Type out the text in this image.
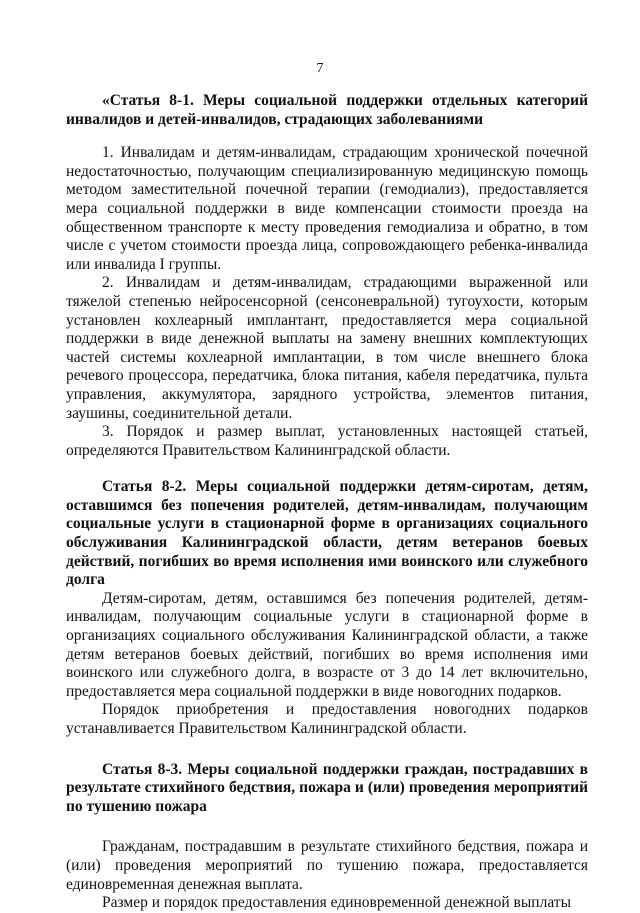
7
«Статья 8-1. Меры социальной поддержки отдельных категорий инвалидов и детей-инвалидов, страдающих заболеваниями

1. Инвалидам и детям-инвалидам, страдающим хронической почечной недостаточностью, получающим специализированную медицинскую помощь методом заместительной почечной терапии (гемодиализ), предоставляется мера социальной поддержки в виде компенсации стоимости проезда на общественном транспорте к месту проведения гемодиализа и обратно, в том числе с учетом стоимости проезда лица, сопровождающего ребенка-инвалида или инвалида I группы.

2. Инвалидам и детям-инвалидам, страдающими выраженной или тяжелой степенью нейросенсорной (сенсоневральной) тугоухости, которым установлен кохлеарный имплантант, предоставляется мера социальной поддержки в виде денежной выплаты на замену внешних комплектующих частей системы кохлеарной имплантации, в том числе внешнего блока речевого процессора, передатчика, блока питания, кабеля передатчика, пульта управления, аккумулятора, зарядного устройства, элементов питания, заушины, соединительной детали.

3. Порядок и размер выплат, установленных настоящей статьей, определяются Правительством Калининградской области.

Статья 8-2. Меры социальной поддержки детям-сиротам, детям, оставшимся без попечения родителей, детям-инвалидам, получающим социальные услуги в стационарной форме в организациях социального обслуживания Калининградской области, детям ветеранов боевых действий, погибших во время исполнения ими воинского или служебного долга

Детям-сиротам, детям, оставшимся без попечения родителей, детям-инвалидам, получающим социальные услуги в стационарной форме в организациях социального обслуживания Калининградской области, а также детям ветеранов боевых действий, погибших во время исполнения ими воинского или служебного долга, в возрасте от 3 до 14 лет включительно, предоставляется мера социальной поддержки в виде новогодних подарков.

Порядок приобретения и предоставления новогодних подарков устанавливается Правительством Калининградской области.

Статья 8-3. Меры социальной поддержки граждан, пострадавших в результате стихийного бедствия, пожара и (или) проведения мероприятий по тушению пожара

Гражданам, пострадавшим в результате стихийного бедствия, пожара и (или) проведения мероприятий по тушению пожара, предоставляется единовременная денежная выплата.

Размер и порядок предоставления единовременной денежной выплаты
